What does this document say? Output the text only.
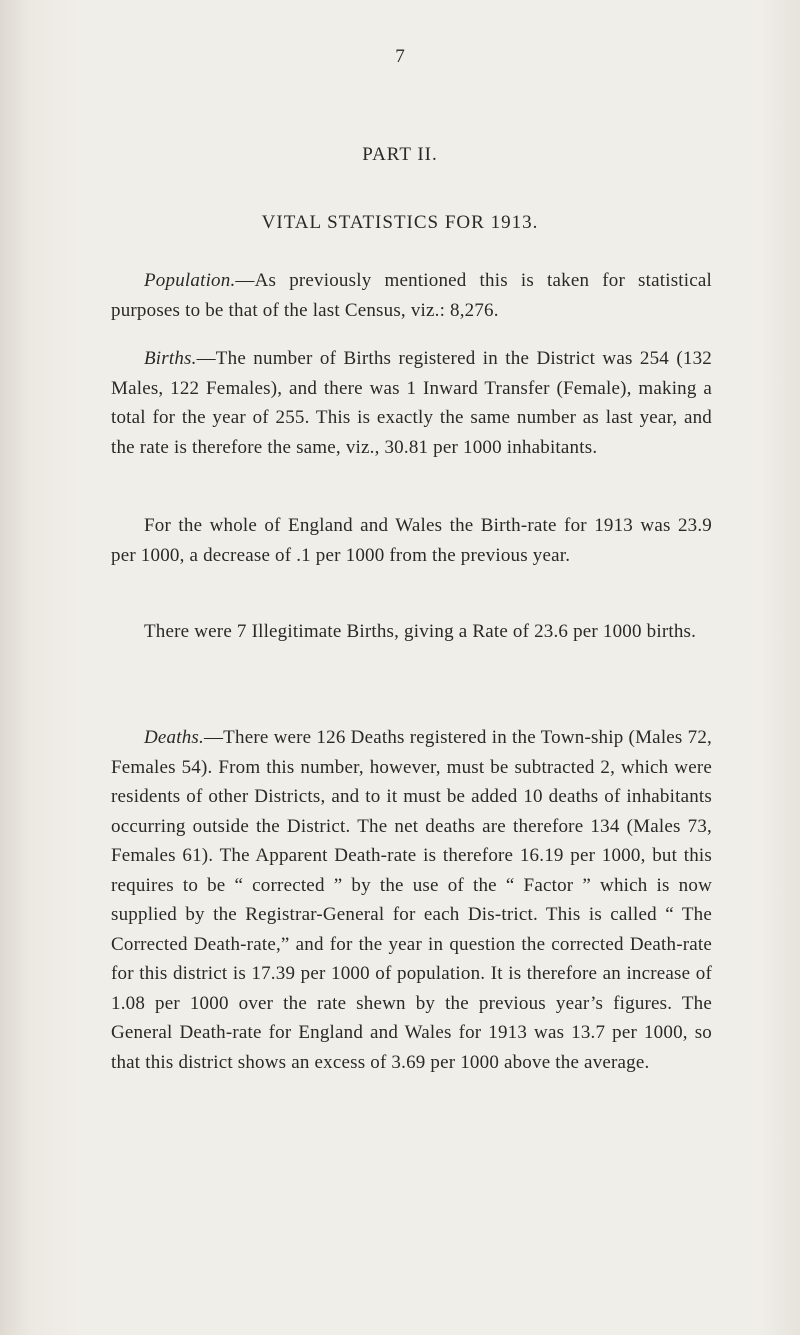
7
PART II.
VITAL STATISTICS FOR 1913.

Population.—As previously mentioned this is taken for statistical purposes to be that of the last Census, viz.: 8,276.

Births.—The number of Births registered in the District was 254 (132 Males, 122 Females), and there was 1 Inward Transfer (Female), making a total for the year of 255. This is exactly the same number as last year, and the rate is therefore the same, viz., 30.81 per 1000 inhabitants.

For the whole of England and Wales the Birth-rate for 1913 was 23.9 per 1000, a decrease of .1 per 1000 from the previous year.

There were 7 Illegitimate Births, giving a Rate of 23.6 per 1000 births.

Deaths.—There were 126 Deaths registered in the Town-ship (Males 72, Females 54). From this number, however, must be subtracted 2, which were residents of other Districts, and to it must be added 10 deaths of inhabitants occurring outside the District. The net deaths are therefore 134 (Males 73, Females 61). The Apparent Death-rate is therefore 16.19 per 1000, but this requires to be “ corrected ” by the use of the “ Factor ” which is now supplied by the Registrar-General for each Dis-trict. This is called “ The Corrected Death-rate,” and for the year in question the corrected Death-rate for this district is 17.39 per 1000 of population. It is therefore an increase of 1.08 per 1000 over the rate shewn by the previous year’s figures. The General Death-rate for England and Wales for 1913 was 13.7 per 1000, so that this district shows an excess of 3.69 per 1000 above the average.
